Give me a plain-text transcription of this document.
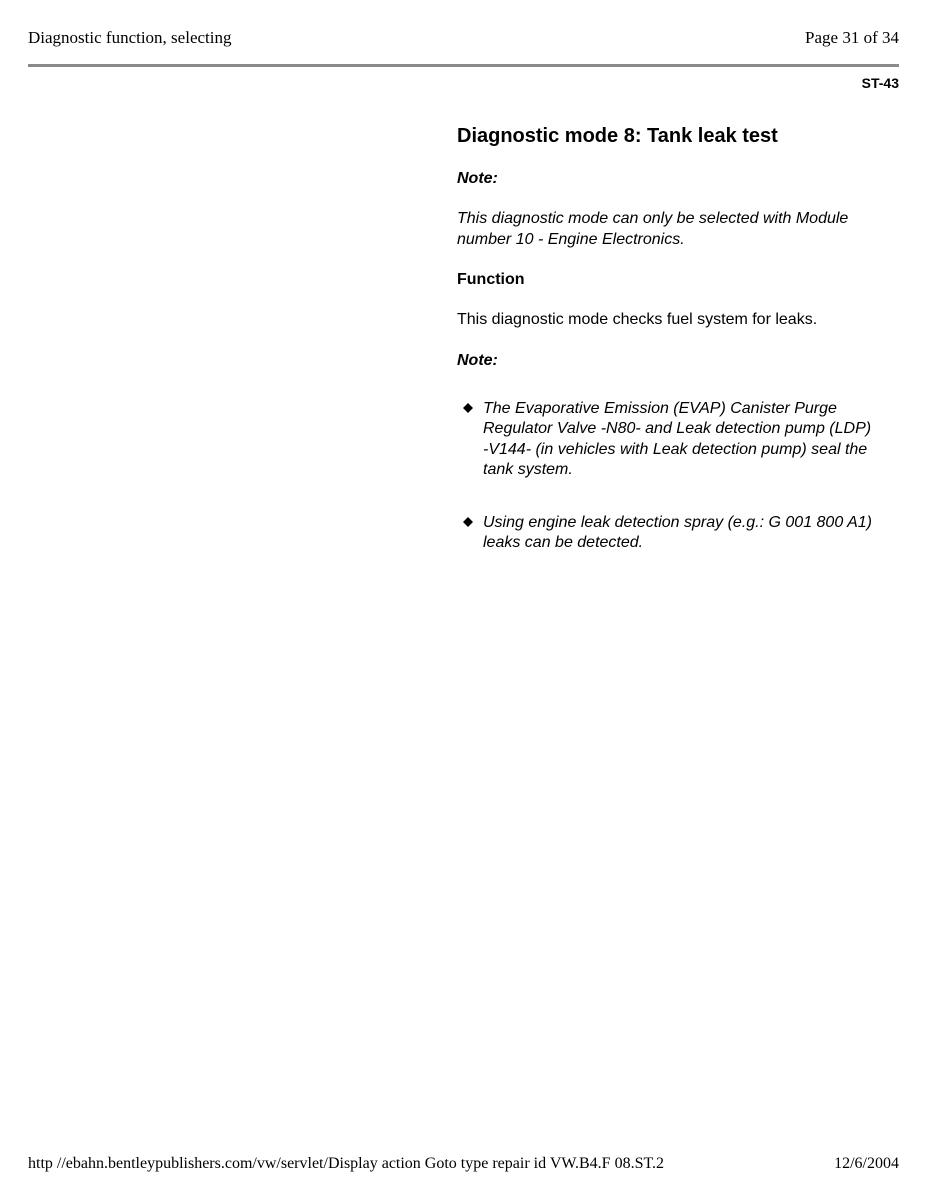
Diagnostic function, selecting	Page 31 of 34
ST-43
Diagnostic mode 8: Tank leak test
Note:
This diagnostic mode can only be selected with Module number 10 - Engine Electronics.
Function
This diagnostic mode checks fuel system for leaks.
Note:
The Evaporative Emission (EVAP) Canister Purge Regulator Valve -N80- and Leak detection pump (LDP) -V144- (in vehicles with Leak detection pump) seal the tank system.
Using engine leak detection spray (e.g.: G 001 800 A1) leaks can be detected.
http //ebahn.bentleypublishers.com/vw/servlet/Display action Goto type repair id VW.B4.F 08.ST.2	12/6/2004
